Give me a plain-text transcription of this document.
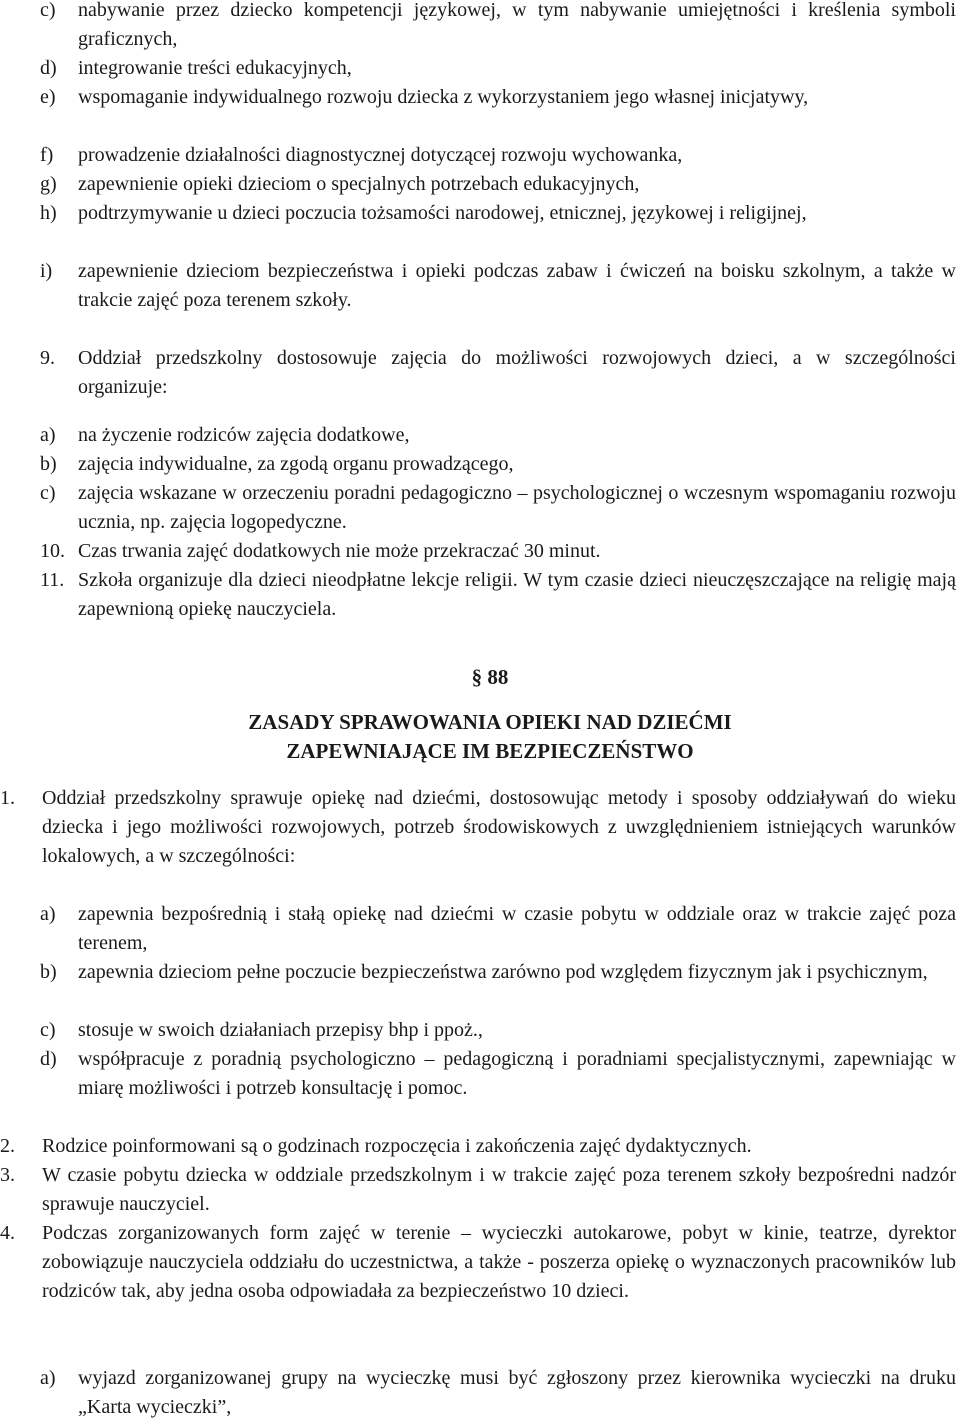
c)	nabywanie przez dziecko kompetencji językowej, w tym nabywanie umiejętności i kreślenia symboli graficznych,
d)	integrowanie treści edukacyjnych,
e)	wspomaganie indywidualnego rozwoju dziecka z wykorzystaniem jego własnej inicjatywy,
f)	prowadzenie działalności diagnostycznej dotyczącej rozwoju wychowanka,
g)	zapewnienie opieki dzieciom o specjalnych potrzebach edukacyjnych,
h)	podtrzymywanie u dzieci poczucia tożsamości narodowej, etnicznej, językowej i religijnej,
i)	zapewnienie dzieciom bezpieczeństwa i opieki podczas zabaw i ćwiczeń na boisku szkolnym, a także w trakcie zajęć poza terenem szkoły.
9.	Oddział przedszkolny dostosowuje zajęcia do możliwości rozwojowych dzieci, a w szczególności organizuje:
a)	na życzenie rodziców zajęcia dodatkowe,
b)	zajęcia indywidualne, za zgodą organu prowadzącego,
c)	zajęcia wskazane w orzeczeniu poradni pedagogiczno – psychologicznej o wczesnym wspomaganiu rozwoju ucznia, np. zajęcia logopedyczne.
10. Czas trwania zajęć dodatkowych nie może przekraczać 30 minut.
11. Szkoła organizuje dla dzieci nieodpłatne lekcje religii. W tym czasie dzieci nieuczęszczające na religię mają zapewnioną opiekę nauczyciela.
§ 88
ZASADY SPRAWOWANIA OPIEKI NAD DZIEĆMI
ZAPEWNIAJĄCE IM BEZPIECZEŃSTWO
1.	Oddział przedszkolny sprawuje opiekę nad dziećmi, dostosowując metody i sposoby oddziaływań do wieku dziecka i jego możliwości rozwojowych, potrzeb środowiskowych z uwzględnieniem istniejących warunków lokalowych, a w szczególności:
a)	zapewnia bezpośrednią i stałą opiekę nad dziećmi w czasie pobytu w oddziale oraz w trakcie zajęć poza terenem,
b)	zapewnia dzieciom pełne poczucie bezpieczeństwa zarówno pod względem fizycznym jak i psychicznym,
c)	stosuje w swoich działaniach przepisy bhp i ppoż.,
d)	współpracuje z poradnią psychologiczno – pedagogiczną i poradniami specjalistycznymi, zapewniając w miarę możliwości i potrzeb konsultację i pomoc.
2.	Rodzice poinformowani są o godzinach rozpoczęcia i zakończenia zajęć dydaktycznych.
3.	W czasie pobytu dziecka w oddziale przedszkolnym i w trakcie zajęć poza terenem szkoły bezpośredni nadzór sprawuje nauczyciel.
4.	Podczas zorganizowanych form zajęć w terenie – wycieczki autokarowe, pobyt w kinie, teatrze, dyrektor zobowiązuje nauczyciela oddziału do uczestnictwa, a także - poszerza opiekę o wyznaczonych pracowników lub rodziców tak, aby jedna osoba odpowiadała za bezpieczeństwo 10 dzieci.
a)	wyjazd zorganizowanej grupy na wycieczkę musi być zgłoszony przez kierownika wycieczki na druku „Karta wycieczki”,
